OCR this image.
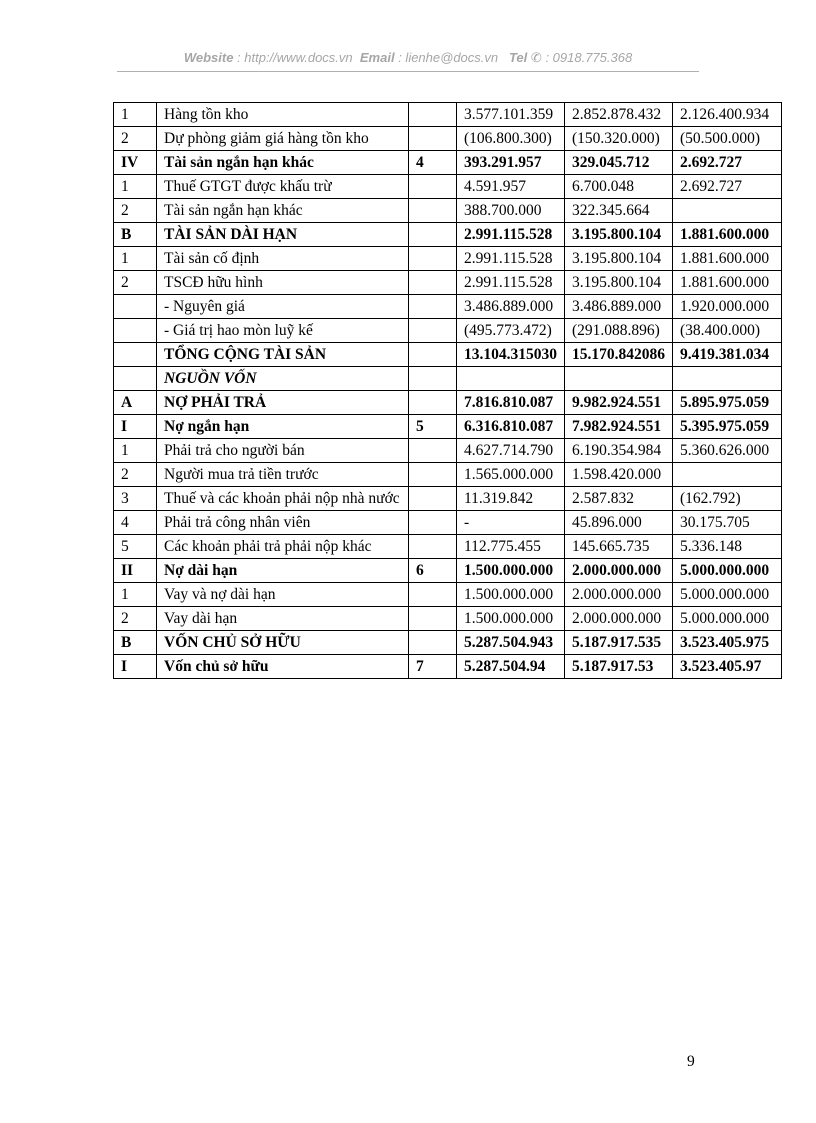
Website : http://www.docs.vn Email : lienhe@docs.vn Tel ✆ : 0918.775.368
1	Hàng tồn kho		3.577.101.359	2.852.878.432	2.126.400.934
2	Dự phòng giảm giá hàng tồn kho		(106.800.300)	(150.320.000)	(50.500.000)
IV	Tài sản ngắn hạn khác	4	393.291.957	329.045.712	2.692.727
1	Thuế GTGT được khấu trừ		4.591.957	6.700.048	2.692.727
2	Tài sản ngắn hạn khác		388.700.000	322.345.664	
B	TÀI SẢN DÀI HẠN		2.991.115.528	3.195.800.104	1.881.600.000
1	Tài sản cố định		2.991.115.528	3.195.800.104	1.881.600.000
2	TSCĐ hữu hình		2.991.115.528	3.195.800.104	1.881.600.000
	- Nguyên giá		3.486.889.000	3.486.889.000	1.920.000.000
	- Giá trị hao mòn luỹ kế		(495.773.472)	(291.088.896)	(38.400.000)
	TỔNG CỘNG TÀI SẢN		13.104.315030	15.170.842086	9.419.381.034
	NGUỒN VỐN				
A	NỢ PHẢI TRẢ		7.816.810.087	9.982.924.551	5.895.975.059
I	Nợ ngắn hạn	5	6.316.810.087	7.982.924.551	5.395.975.059
1	Phải trả cho người bán		4.627.714.790	6.190.354.984	5.360.626.000
2	Người mua trả tiền trước		1.565.000.000	1.598.420.000	
3	Thuế và các khoản phải nộp nhà nước		11.319.842	2.587.832	(162.792)
4	Phải trả công nhân viên		-	45.896.000	30.175.705
5	Các khoản phải trả phải nộp khác		112.775.455	145.665.735	5.336.148
II	Nợ dài hạn	6	1.500.000.000	2.000.000.000	5.000.000.000
1	Vay và nợ dài hạn		1.500.000.000	2.000.000.000	5.000.000.000
2	Vay dài hạn		1.500.000.000	2.000.000.000	5.000.000.000
B	VỐN CHỦ SỞ HỮU		5.287.504.943	5.187.917.535	3.523.405.975
I	Vốn chủ sở hữu	7	5.287.504.94	5.187.917.53	3.523.405.97
9
